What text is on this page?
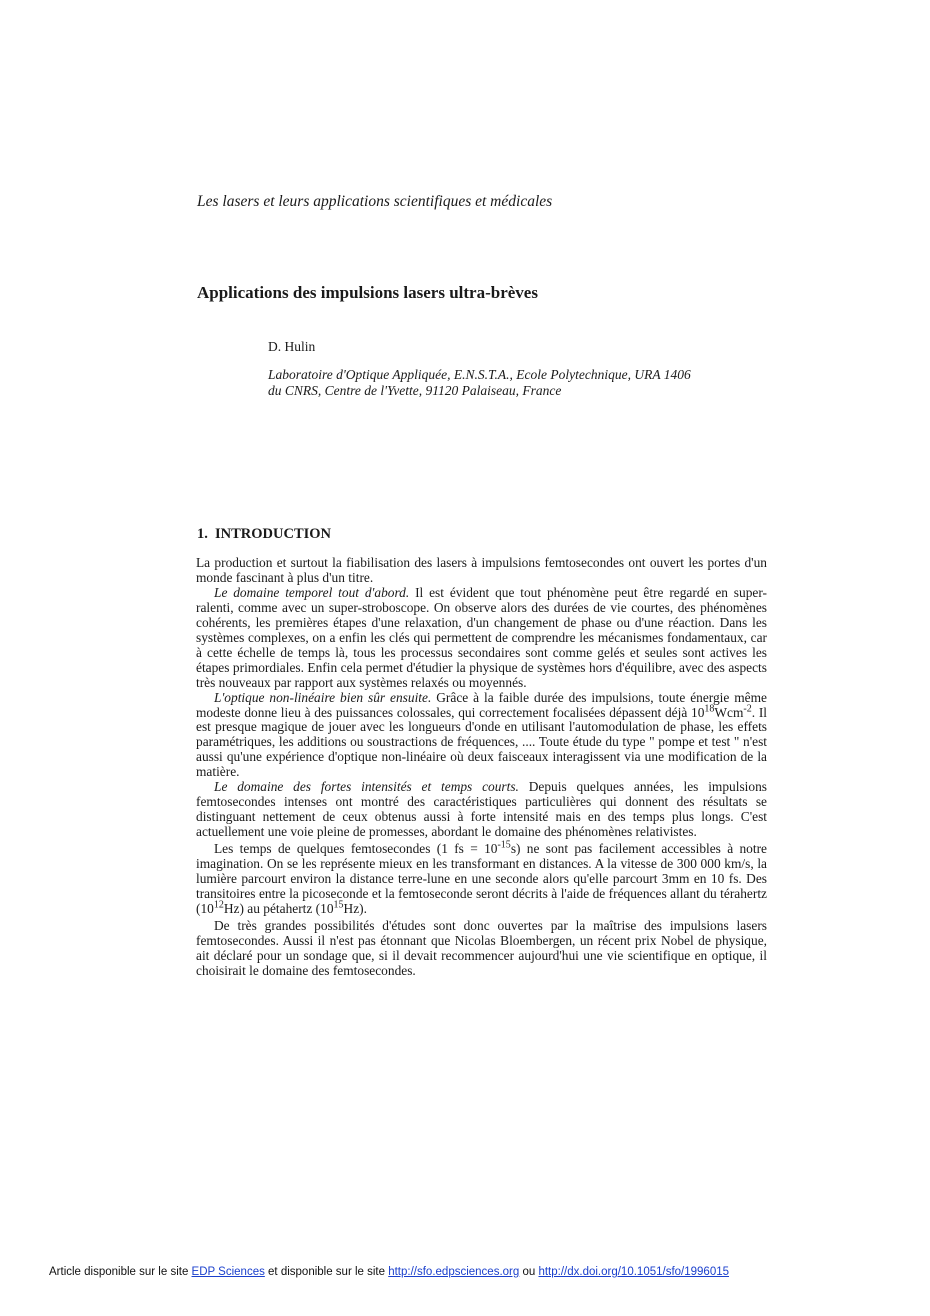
Les lasers et leurs applications scientifiques et médicales
Applications des impulsions lasers ultra-brèves
D. Hulin
Laboratoire d'Optique Appliquée, E.N.S.T.A., Ecole Polytechnique, URA 1406
du CNRS, Centre de l'Yvette, 91120 Palaiseau, France
1. INTRODUCTION

La production et surtout la fiabilisation des lasers à impulsions femtosecondes ont ouvert les portes d'un monde fascinant à plus d'un titre.

Le domaine temporel tout d'abord. Il est évident que tout phénomène peut être regardé en super-ralenti, comme avec un super-stroboscope. On observe alors des durées de vie courtes, des phénomènes cohérents, les premières étapes d'une relaxation, d'un changement de phase ou d'une réaction. Dans les systèmes complexes, on a enfin les clés qui permettent de comprendre les mécanismes fondamentaux, car à cette échelle de temps là, tous les processus secondaires sont comme gelés et seules sont actives les étapes primordiales. Enfin cela permet d'étudier la physique de systèmes hors d'équilibre, avec des aspects très nouveaux par rapport aux systèmes relaxés ou moyennés.

L'optique non-linéaire bien sûr ensuite. Grâce à la faible durée des impulsions, toute énergie même modeste donne lieu à des puissances colossales, qui correctement focalisées dépassent déjà $10^{18}Wcm^{-2}$. Il est presque magique de jouer avec les longueurs d'onde en utilisant l'automodulation de phase, les effets paramétriques, les additions ou soustractions de fréquences, .... Toute étude du type " pompe et test " n'est aussi qu'une expérience d'optique non-linéaire où deux faisceaux interagissent via une modification de la matière.

Le domaine des fortes intensités et temps courts. Depuis quelques années, les impulsions femtosecondes intenses ont montré des caractéristiques particulières qui donnent des résultats se distinguant nettement de ceux obtenus aussi à forte intensité mais en des temps plus longs. C'est actuellement une voie pleine de promesses, abordant le domaine des phénomènes relativistes.

Les temps de quelques femtosecondes (1 fs = $10^{-15}s$) ne sont pas facilement accessibles à notre imagination. On se les représente mieux en les transformant en distances. A la vitesse de 300 000 km/s, la lumière parcourt environ la distance terre-lune en une seconde alors qu'elle parcourt 3mm en 10 fs. Des transitoires entre la picoseconde et la femtoseconde seront décrits à l'aide de fréquences allant du térahertz $(10^{12}Hz)$ au pétahertz $(10^{15}Hz)$.

De très grandes possibilités d'études sont donc ouvertes par la maîtrise des impulsions lasers femtosecondes. Aussi il n'est pas étonnant que Nicolas Bloembergen, un récent prix Nobel de physique, ait déclaré pour un sondage que, si il devait recommencer aujourd'hui une vie scientifique en optique, il choisirait le domaine des femtosecondes.

Article disponible sur le site EDP Sciences et disponible sur le site http://sfo.edpsciences.org ou http://dx.doi.org/10.1051/sfo/1996015
